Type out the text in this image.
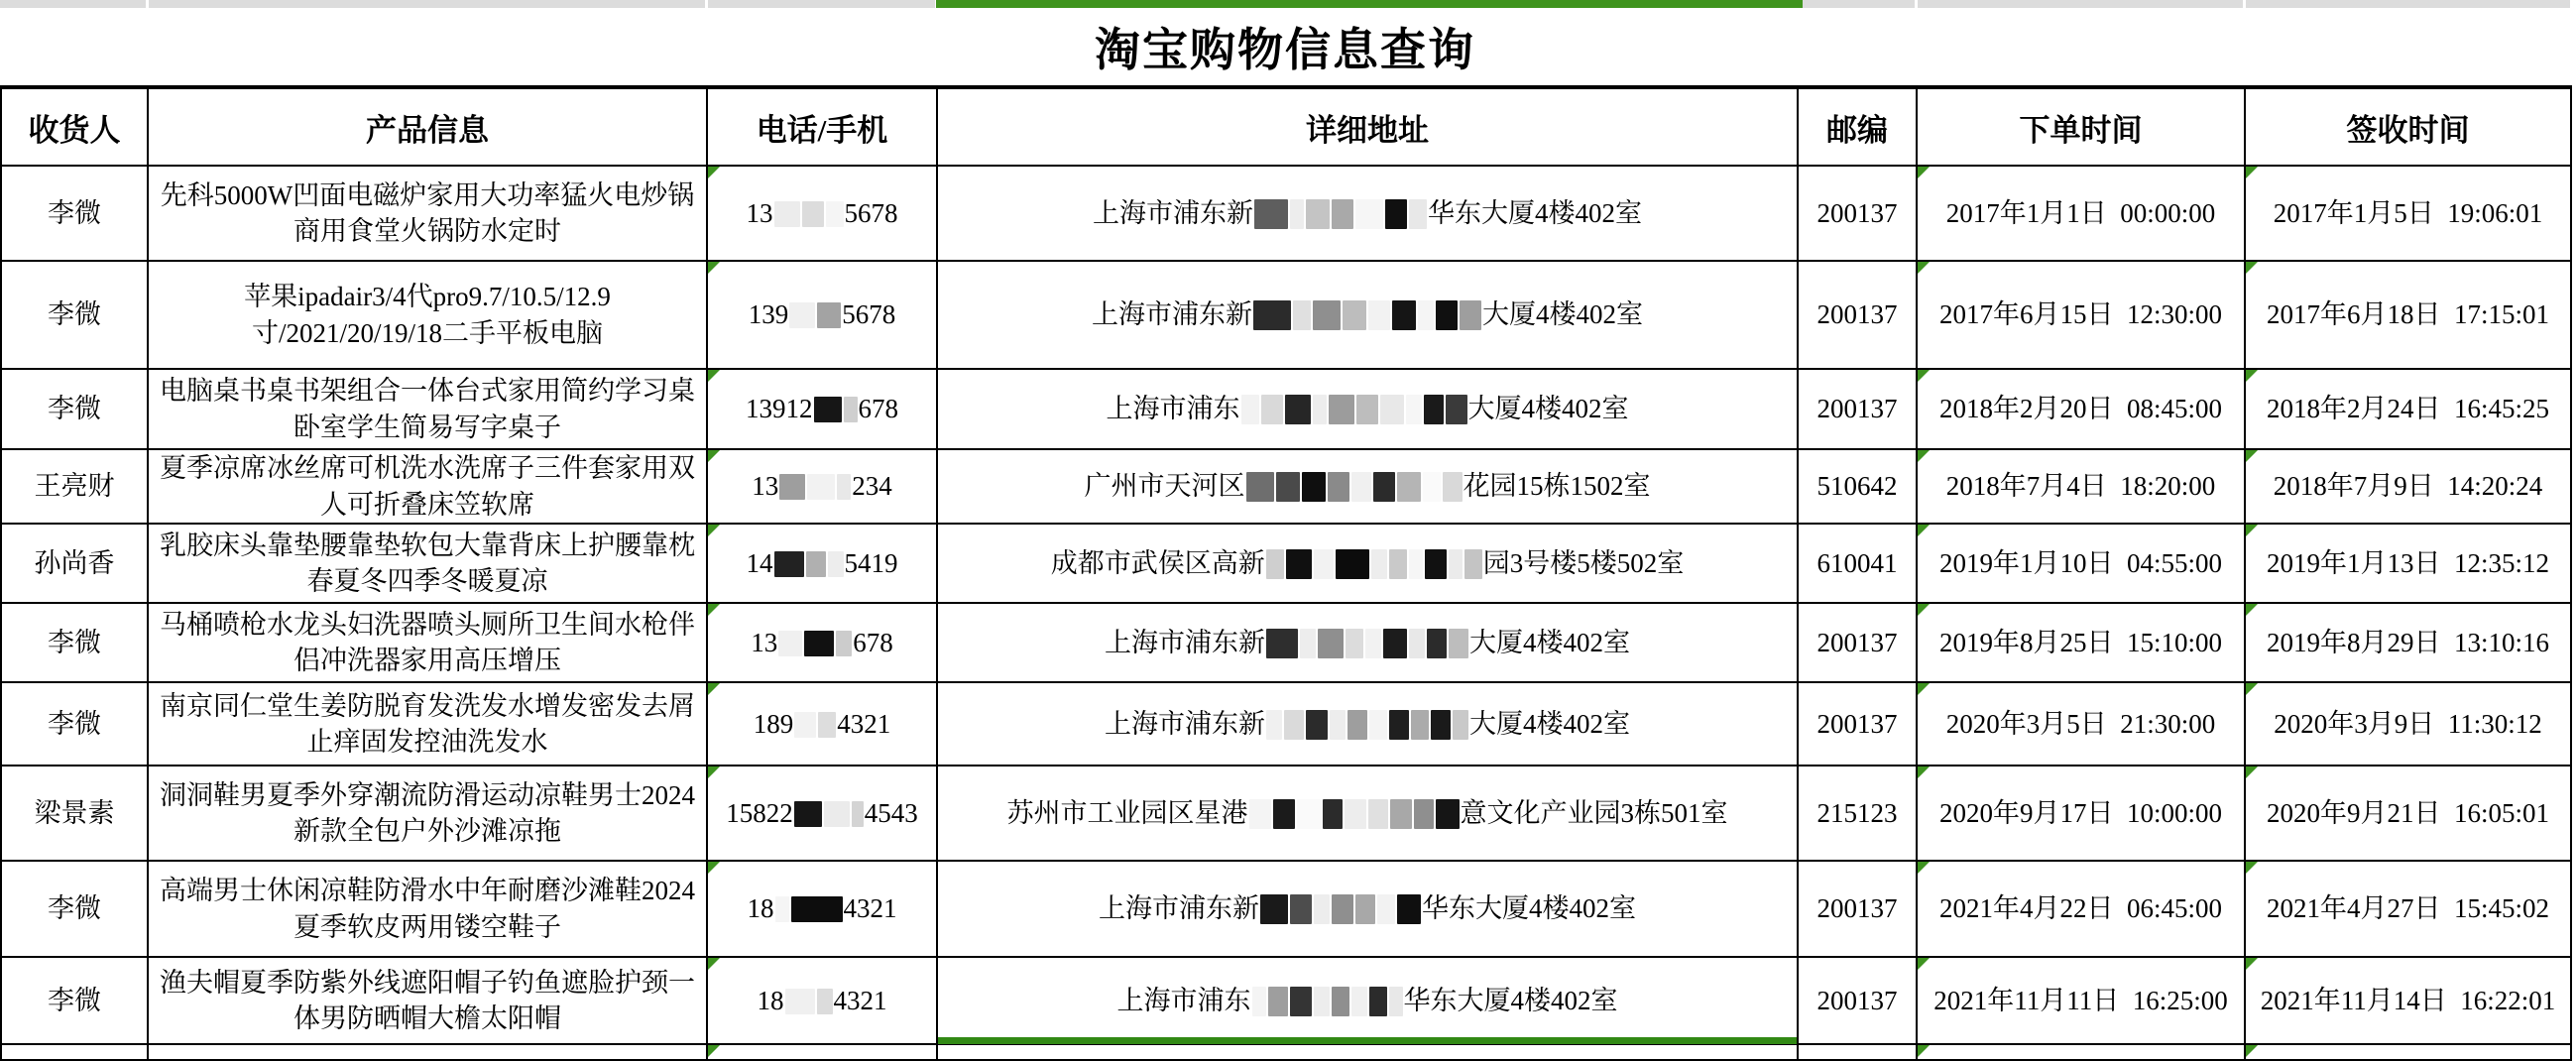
淘宝购物信息查询
收货人	产品信息	电话/手机	详细地址	邮编	下单时间	签收时间
李微	先科5000W凹面电磁炉家用大功率猛火电炒锅商用食堂火锅防水定时	13 5678	上海市浦东新 华东大厦4楼402室	200137	2017年1月1日  00:00:00	2017年1月5日  19:06:01
李微	苹果ipadair3/4代pro9.7/10.5/12.9寸/2021/20/19/18二手平板电脑	139 5678	上海市浦东新 大厦4楼402室	200137	2017年6月15日  12:30:00	2017年6月18日  17:15:01
李微	电脑桌书桌书架组合一体台式家用简约学习桌卧室学生简易写字桌子	13912 678	上海市浦东 大厦4楼402室	200137	2018年2月20日  08:45:00	2018年2月24日  16:45:25
王亮财	夏季凉席冰丝席可机洗水洗席子三件套家用双人可折叠床笠软席	13 234	广州市天河区 花园15栋1502室	510642	2018年7月4日  18:20:00	2018年7月9日  14:20:24
孙尚香	乳胶床头靠垫腰靠垫软包大靠背床上护腰靠枕春夏冬四季冬暖夏凉	14 5419	成都市武侯区高新 园3号楼5楼502室	610041	2019年1月10日  04:55:00	2019年1月13日  12:35:12
李微	马桶喷枪水龙头妇洗器喷头厕所卫生间水枪伴侣冲洗器家用高压增压	13 678	上海市浦东新 大厦4楼402室	200137	2019年8月25日  15:10:00	2019年8月29日  13:10:16
李微	南京同仁堂生姜防脱育发洗发水增发密发去屑止痒固发控油洗发水	189 4321	上海市浦东新 大厦4楼402室	200137	2020年3月5日  21:30:00	2020年3月9日  11:30:12
梁景素	洞洞鞋男夏季外穿潮流防滑运动凉鞋男士2024新款全包户外沙滩凉拖	15822 4543	苏州市工业园区星港 意文化产业园3栋501室	215123	2020年9月17日  10:00:00	2020年9月21日  16:05:01
李微	高端男士休闲凉鞋防滑水中年耐磨沙滩鞋2024夏季软皮两用镂空鞋子	18 4321	上海市浦东新 华东大厦4楼402室	200137	2021年4月22日  06:45:00	2021年4月27日  15:45:02
李微	渔夫帽夏季防紫外线遮阳帽子钓鱼遮脸护颈一体男防晒帽大檐太阳帽	18 4321	上海市浦东 华东大厦4楼402室	200137	2021年11月11日  16:25:00	2021年11月14日  16:22:01
